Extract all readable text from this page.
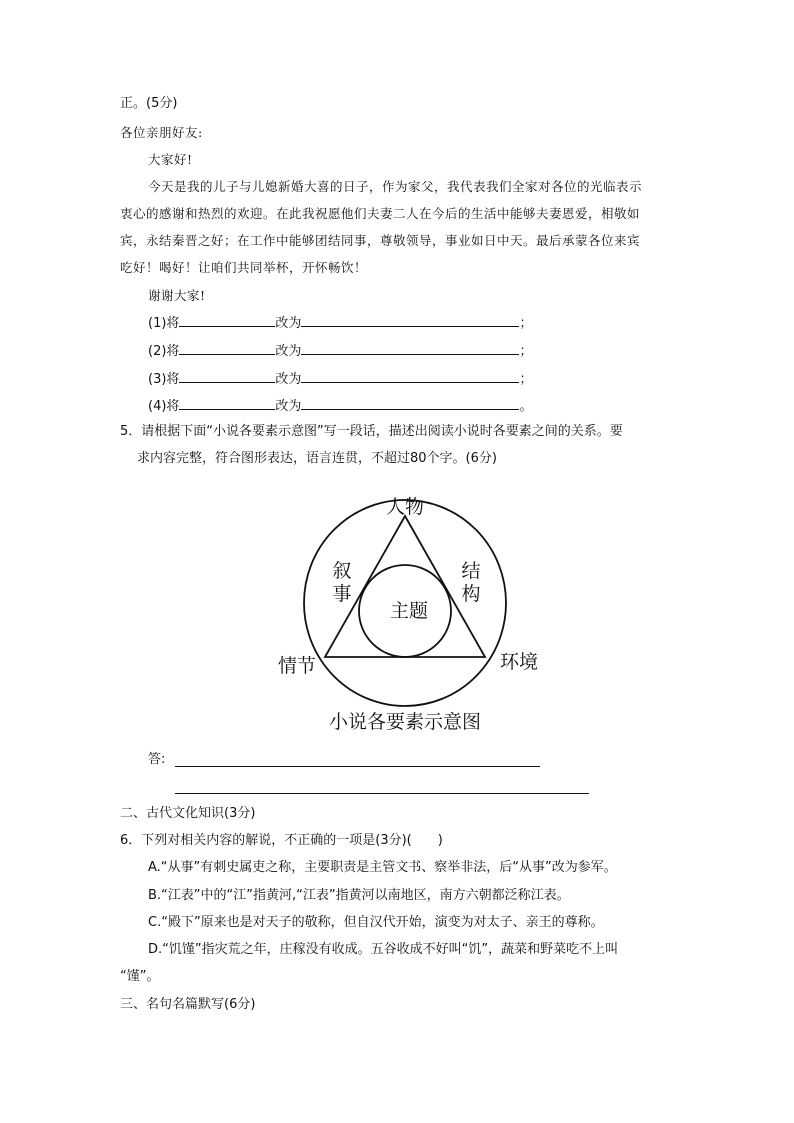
正。(5分)
各位亲朋好友:
大家好!
今天是我的儿子与儿媳新婚大喜的日子，作为家父，我代表我们全家对各位的光临表示
衷心的感谢和热烈的欢迎。在此我祝愿他们夫妻二人在今后的生活中能够夫妻恩爱，相敬如
宾，永结秦晋之好；在工作中能够团结同事，尊敬领导，事业如日中天。最后承蒙各位来宾
吃好！喝好！让咱们共同举杯，开怀畅饮！
谢谢大家!
(1)将	改为	；
(2)将	改为	；
(3)将	改为	；
(4)将	改为	。
5．请根据下面“小说各要素示意图”写一段话，描述出阅读小说时各要素之间的关系。要
求内容完整，符合图形表达，语言连贯，不超过80个字。(6分)
人物
叙
事
结
构
主题
情节	环境
小说各要素示意图
答:
二、古代文化知识(3分)
6．下列对相关内容的解说，不正确的一项是(3分)(　　)
A.“从事”有刺史属吏之称，主要职责是主管文书、察举非法，后“从事”改为参军。
B.“江表”中的“江”指黄河,“江表”指黄河以南地区，南方六朝都泛称江表。
C.“殿下”原来也是对天子的敬称，但自汉代开始，演变为对太子、亲王的尊称。
D.“饥馑”指灾荒之年，庄稼没有收成。五谷收成不好叫“饥”，蔬菜和野菜吃不上叫
“馑”。
三、名句名篇默写(6分)
